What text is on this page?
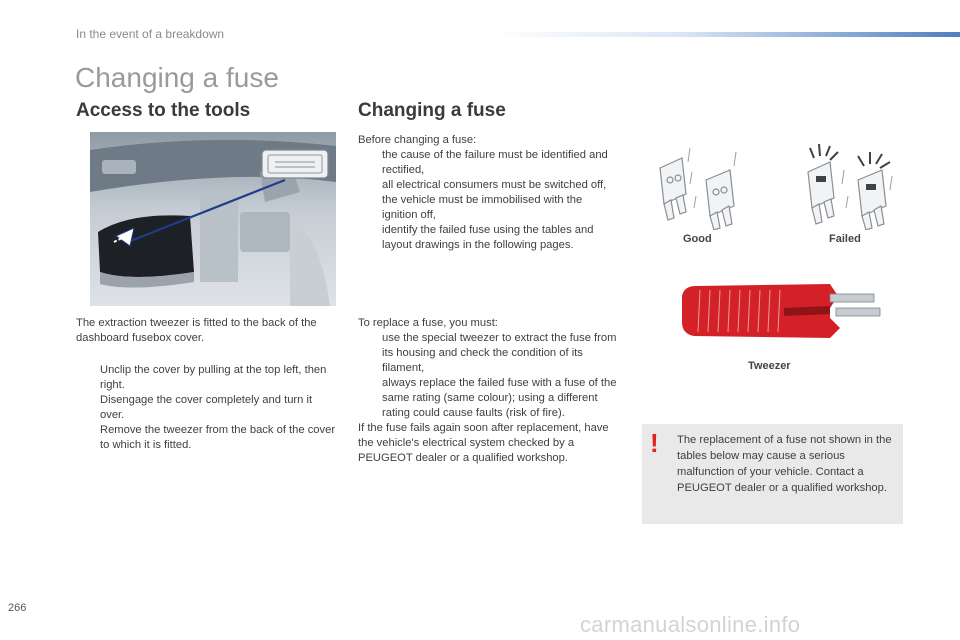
In the event of a breakdown
Changing a fuse
Access to the tools	Changing a fuse

The extraction tweezer is fitted to the back of the dashboard fusebox cover.

Unclip the cover by pulling at the top left, then right.
Disengage the cover completely and turn it over.
Remove the tweezer from the back of the cover to which it is fitted.

Before changing a fuse:

the cause of the failure must be identified and rectified,
all electrical consumers must be switched off,
the vehicle must be immobilised with the ignition off,
identify the failed fuse using the tables and layout drawings in the following pages.

To replace a fuse, you must:

use the special tweezer to extract the fuse from its housing and check the condition of its filament,
always replace the failed fuse with a fuse of the same rating (same colour); using a different rating could cause faults (risk of fire).

If the fuse fails again soon after replacement, have the vehicle's electrical system checked by a PEUGEOT dealer or a qualified workshop.

Good	Failed
Tweezer
! The replacement of a fuse not shown in the tables below may cause a serious malfunction of your vehicle. Contact a PEUGEOT dealer or a qualified workshop.
266
carmanualsonline.info
